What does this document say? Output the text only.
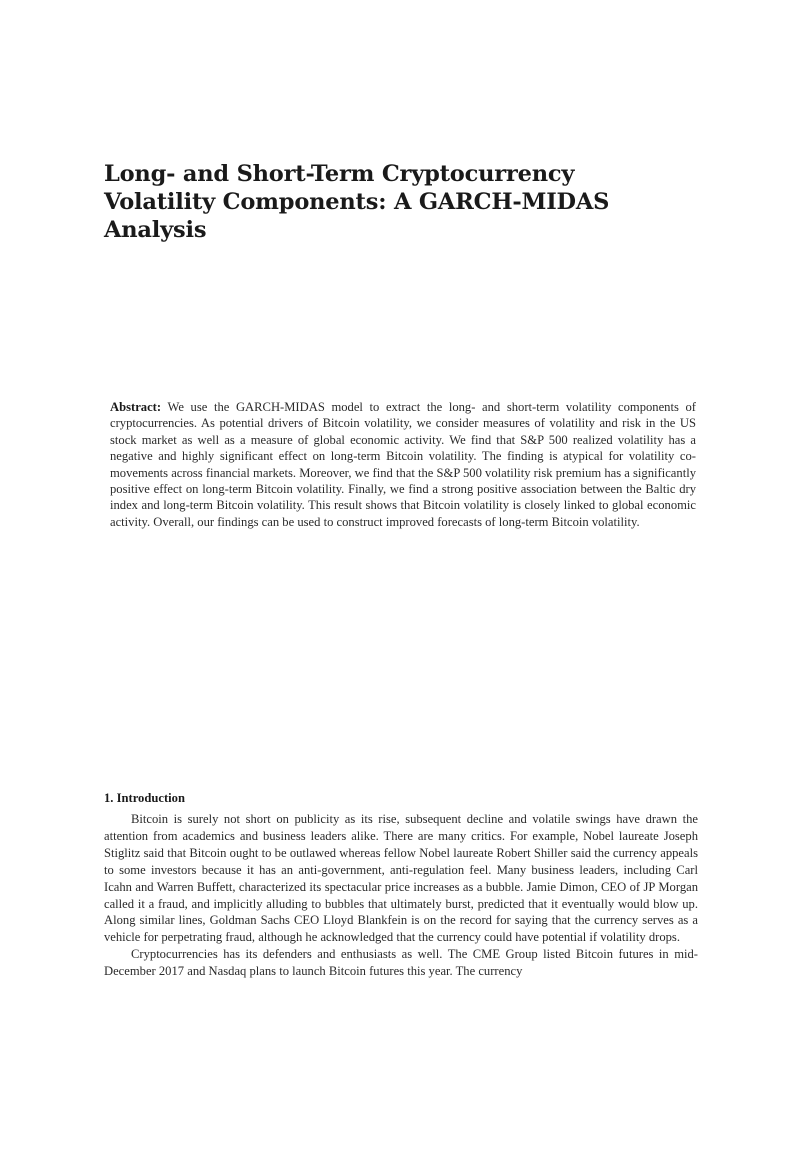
Long- and Short-Term Cryptocurrency Volatility Components: A GARCH-MIDAS Analysis

Abstract: We use the GARCH-MIDAS model to extract the long- and short-term volatility components of cryptocurrencies. As potential drivers of Bitcoin volatility, we consider measures of volatility and risk in the US stock market as well as a measure of global economic activity. We find that S&P 500 realized volatility has a negative and highly significant effect on long-term Bitcoin volatility. The finding is atypical for volatility co-movements across financial markets. Moreover, we find that the S&P 500 volatility risk premium has a significantly positive effect on long-term Bitcoin volatility. Finally, we find a strong positive association between the Baltic dry index and long-term Bitcoin volatility. This result shows that Bitcoin volatility is closely linked to global economic activity. Overall, our findings can be used to construct improved forecasts of long-term Bitcoin volatility.

1. Introduction

Bitcoin is surely not short on publicity as its rise, subsequent decline and volatile swings have drawn the attention from academics and business leaders alike. There are many critics. For example, Nobel laureate Joseph Stiglitz said that Bitcoin ought to be outlawed whereas fellow Nobel laureate Robert Shiller said the currency appeals to some investors because it has an anti-government, anti-regulation feel. Many business leaders, including Carl Icahn and Warren Buffett, characterized its spectacular price increases as a bubble. Jamie Dimon, CEO of JP Morgan called it a fraud, and implicitly alluding to bubbles that ultimately burst, predicted that it eventually would blow up. Along similar lines, Goldman Sachs CEO Lloyd Blankfein is on the record for saying that the currency serves as a vehicle for perpetrating fraud, although he acknowledged that the currency could have potential if volatility drops.

Cryptocurrencies has its defenders and enthusiasts as well. The CME Group listed Bitcoin futures in mid-December 2017 and Nasdaq plans to launch Bitcoin futures this year. The currency
